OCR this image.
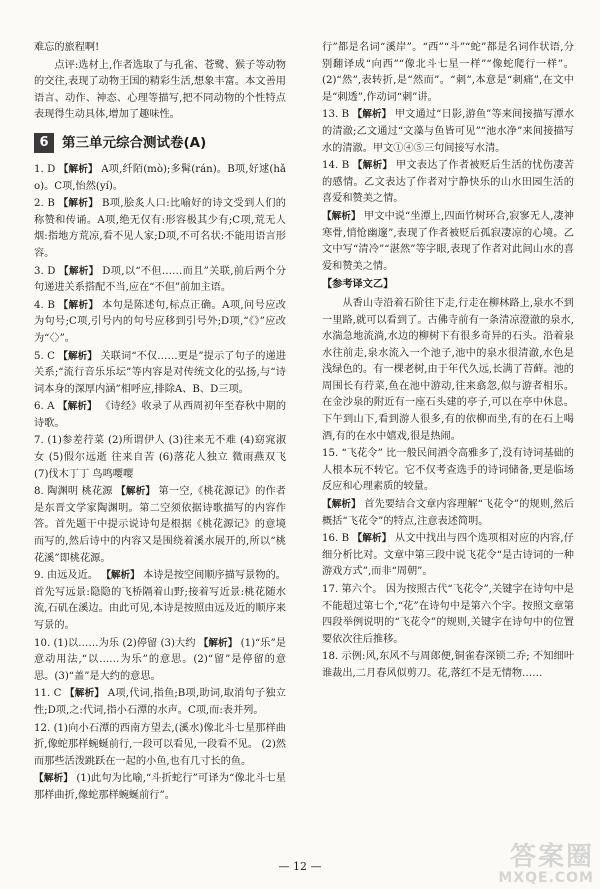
难忘的旅程啊!
点评:选材上,作者选取了与孔雀、苍鹭、猴子等动物的交往,表现了动物王国的精彩生活,想象丰富。本文善用语言、动作、神态、心理等描写,把不同动物的个性特点表现得生动具体,增加了趣味性。
6 第三单元综合测试卷(A)
1. D 【解析】 A项,纤陌(mò);多髯(rán)。B项,好逑(hǎo)。C项,怡然(yí)。
2. B 【解析】 B项,脍炙人口:比喻好的诗文受到人们的称赞和传诵。A项,绝无仅有:形容极其少有;C项,荒无人烟:指地方荒凉,看不见人家;D项,不可名状:不能用语言形容。
3. D 【解析】 D项,以“不但……而且”关联,前后两个分句递进关系搭配不当,应在“不但”前加主语。
4. B 【解析】 本句是陈述句,标点正确。A项,问号应改为句号;C项,引号内的句号应移到引号外;D项,“《》”应改为“〈〉”。
5. C 【解析】 关联词“不仅……更是”提示了句子的递进关系;“流行音乐乐坛”等内容是对传统文化的弘扬,与“诗词本身的深厚内涵”相呼应,排除A、B、D三项。
6. A 【解析】 《诗经》收录了从西周初年至春秋中期的诗歌。
7. (1)参差荇菜 (2)所谓伊人 (3)往来无不难 (4)窈窕淑女 (5)假尔远逝 往来自苦 (6)落花人独立 微雨燕双飞 (7)伐木丁丁 鸟鸣嘤嘤
8. 陶渊明 桃花源 【解析】 第一空,《桃花源记》的作者是东晋文学家陶渊明。第二空须依据诗歌描写的内容作答。首先题干中提示说诗句是根据《桃花源记》的意境而写的,然后诗中的内容又是围绕着溪水展开的,所以“桃花溪”即桃花源。
9. 由远及近。 【解析】 本诗是按空间顺序描写景物的。首先写远景:隐隐的飞桥隔着山野;接着写近景:桃花随水流,石矶在溪边。由此可见,本诗是按照由远及近的顺序来写景的。
10. (1)以……为乐 (2)停留 (3)大约 【解析】 (1)“乐”是意动用法,“以……为乐”的意思。(2)“留”是停留的意思。(3)“盖”是大约的意思。
11. C 【解析】 A项,代词,指鱼;B项,助词,取消句子独立性;D项,之:代词,指小石潭的水声。C项,而:表并列。
12. (1)向小石潭的西南方望去,(溪水)像北斗七星那样曲折,像蛇那样蜿蜒前行,一段可以看见,一段看不见。 (2)然而那些活泼跳跃在一起的小鱼,也有几寸长的鱼。
【解析】 (1)此句为比喻,“斗折蛇行”可译为“像北斗七星那样曲折,像蛇那样蜿蜒前行”。
行”都是名词“溪岸”。“西”“斗”“蛇”都是名词作状语,分别翻译成“向西”“像北斗七星一样”“像蛇爬行一样”。(2)“然”,表转折,是“然而”。“刺”,本意是“刺痛”,在文中是“刺透”,作动词“刺”讲。
13. B 【解析】 甲文通过“日影,游鱼”等来间接描写潭水的清澈;乙文通过“文藻与鱼皆可见”“池水净”来间接描写水的清澈。甲文①④⑤三句间接写水清。
14. B 【解析】 甲文表达了作者被贬后生活的忧伤凄苦的感情。乙文表达了作者对宁静快乐的山水田园生活的喜爱和赞美之情。
【解析】 甲文中说“坐潭上,四面竹树环合,寂寥无人,凄神寒骨,悄怆幽邃”,表现了作者被贬后孤寂凄凉的心境。乙文中写“清冷”“湛然”等字眼,表现了作者对此间山水的喜爱和赞美之情。
【参考译文乙】
从香山寺沿着石阶往下走,行走在柳林路上,泉水不到一里路,就可以看到了。古佛寺前有一条清凉澄澈的泉水,水湍急地流淌,水边的柳树下有很多奇异的石头。沿着泉水往前走,泉水流入一个池子,池中的泉水很清澈,水色是浅绿色的。有一棵老树,由于年代久远,长满了苔藓。池的周围长有荇菜,鱼在池中游动,往来翕忽,似与游者相乐。在金沙泉的附近有一座石头建的亭子,可以在亭中休息。下午到山下,看到游人很多,有的依柳而坐,有的在石上喝酒,有的在水中嬉戏,很是热闹。
15. “飞花令” 比一般民间酒令高雅多了,没有诗词基础的人根本玩不转它。它不仅考查选手的诗词储备,更是临场反应和心理素质的较量。
【解析】 首先要结合文章内容理解“飞花令”的规则,然后概括“飞花令”的特点,注意表述简明。
16. B 【解析】 从文中找出与四个选项相对应的内容,仔细分析比对。文章中第三段中说飞花令“是古诗词的一种游戏方式”,而非“周朝”。
17. 第六个。 因为按照古代“飞花令”,关键字在诗句中是不能超过第七个,“花”在诗句中是第六个字。按照文章第四段举例说明的“飞花令”的规则,关键字在诗句中的位置要依次往后推移。
18. 示例:风,东风不与周郎便,铜雀春深锁二乔; 不知细叶谁裁出,二月春风似剪刀。花,落红不是无情物……
— 12 —	答案圈
MXQE.COM
